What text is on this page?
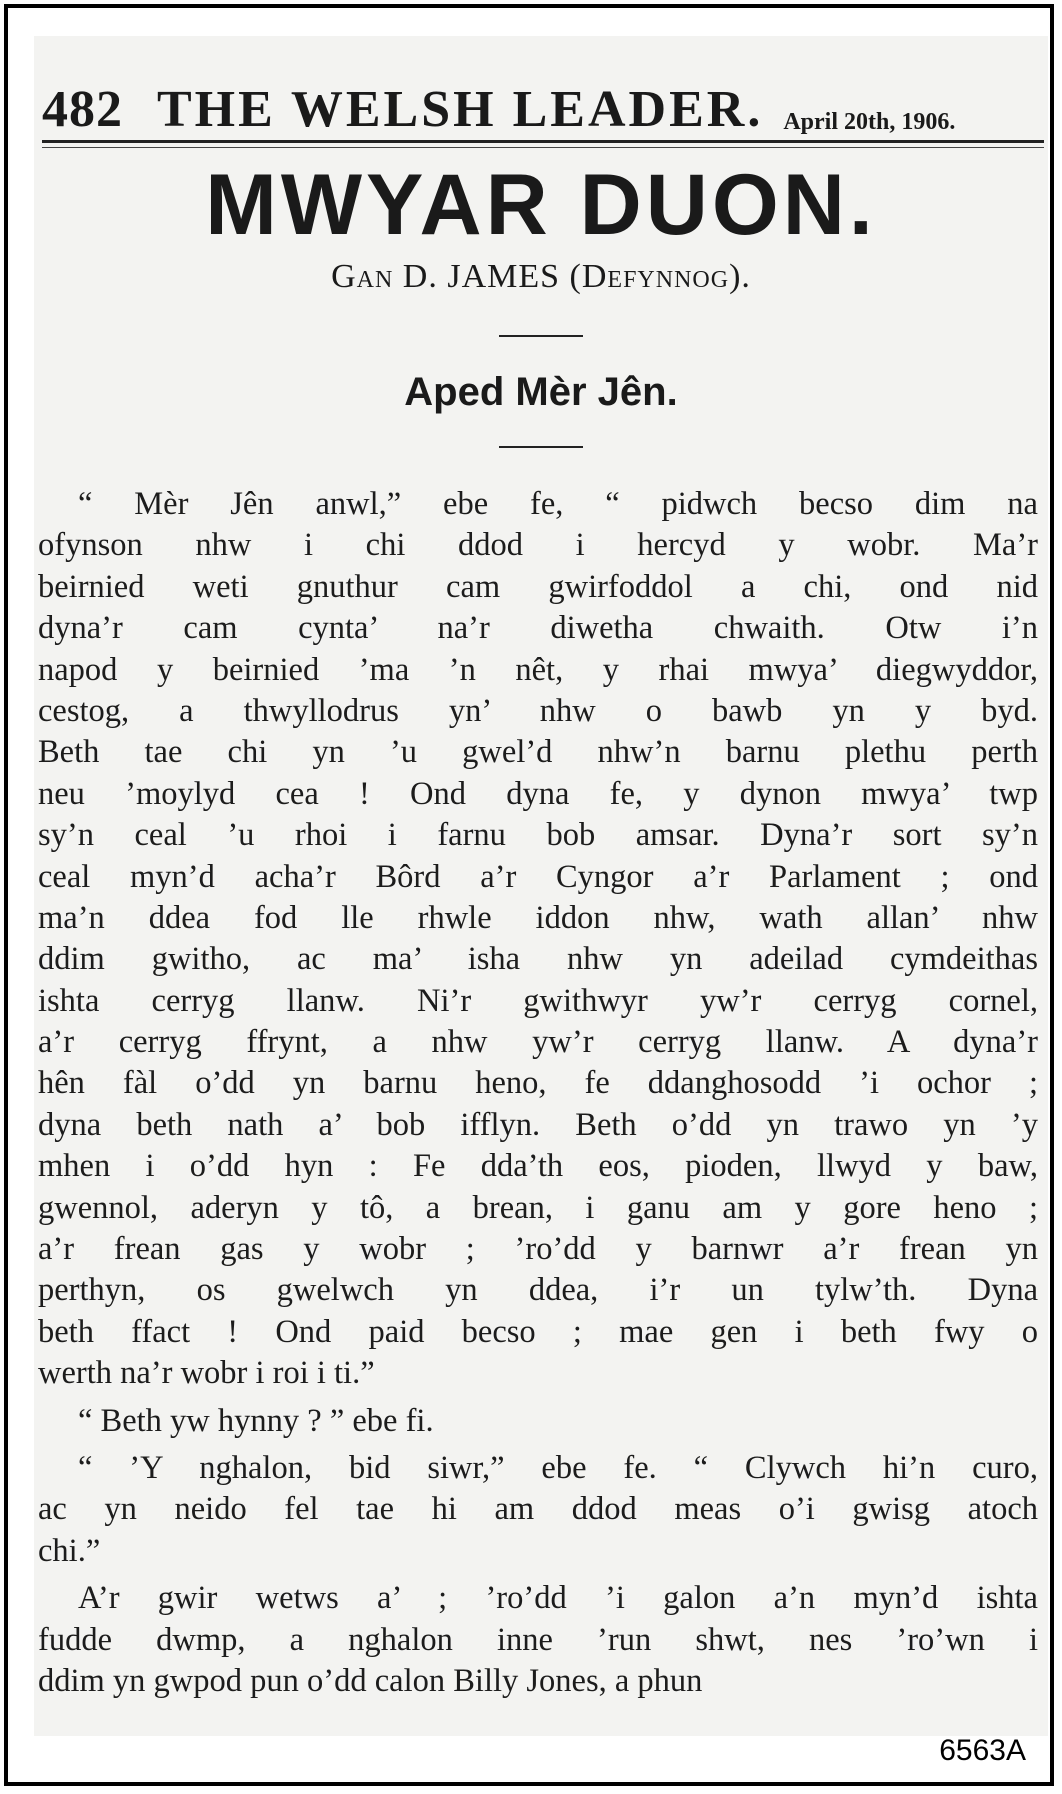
482 THE WELSH LEADER. April 20th, 1906.
MWYAR DUON.
Gan D. JAMES (Defynnog).
Aped Mèr Jên.
“ Mèr Jên anwl,” ebe fe, “ pidwch becso dim na
ofynson nhw i chi ddod i hercyd y wobr. Ma’r
beirnied weti gnuthur cam gwirfoddol a chi, ond nid
dyna’r cam cynta’ na’r diwetha chwaith. Otw i’n
napod y beirnied ’ma ’n nêt, y rhai mwya’ diegwyddor,
cestog, a thwyllodrus yn’ nhw o bawb yn y byd.
Beth tae chi yn ’u gwel’d nhw’n barnu plethu perth
neu ’moylyd cea ! Ond dyna fe, y dynon mwya’ twp
sy’n ceal ’u rhoi i farnu bob amsar. Dyna’r sort sy’n
ceal myn’d acha’r Bôrd a’r Cyngor a’r Parlament ; ond
ma’n ddea fod lle rhwle iddon nhw, wath allan’ nhw
ddim gwitho, ac ma’ isha nhw yn adeilad cymdeithas
ishta cerryg llanw. Ni’r gwithwyr yw’r cerryg cornel,
a’r cerryg ffrynt, a nhw yw’r cerryg llanw. A dyna’r
hên fàl o’dd yn barnu heno, fe ddanghosodd ’i ochor ;
dyna beth nath a’ bob ifflyn. Beth o’dd yn trawo yn ’y
mhen i o’dd hyn : Fe dda’th eos, pioden, llwyd y baw,
gwennol, aderyn y tô, a brean, i ganu am y gore heno ;
a’r frean gas y wobr ; ’ro’dd y barnwr a’r frean yn
perthyn, os gwelwch yn ddea, i’r un tylw’th. Dyna
beth ffact ! Ond paid becso ; mae gen i beth fwy o
werth na’r wobr i roi i ti.”
“ Beth yw hynny ? ” ebe fi.
“ ’Y nghalon, bid siwr,” ebe fe. “ Clywch hi’n curo,
ac yn neido fel tae hi am ddod meas o’i gwisg atoch
chi.”
A’r gwir wetws a’ ; ’ro’dd ’i galon a’n myn’d ishta
fudde dwmp, a nghalon inne ’run shwt, nes ’ro’wn i
ddim yn gwpod pun o’dd calon Billy Jones, a phun
6563A
